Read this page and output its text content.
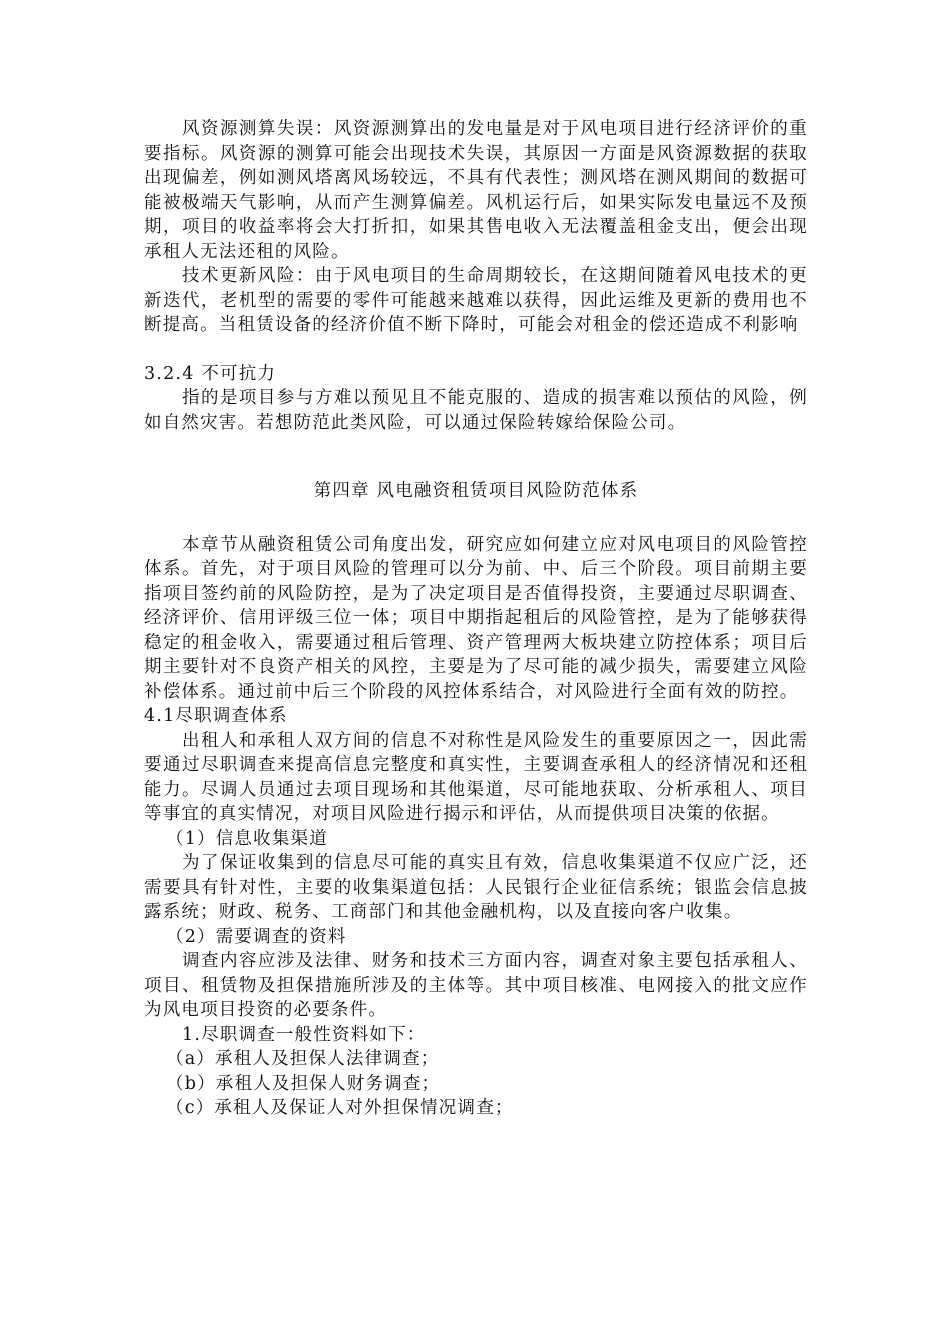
风资源测算失误：风资源测算出的发电量是对于风电项目进行经济评价的重要指标。风资源的测算可能会出现技术失误，其原因一方面是风资源数据的获取出现偏差，例如测风塔离风场较远，不具有代表性；测风塔在测风期间的数据可能被极端天气影响，从而产生测算偏差。风机运行后，如果实际发电量远不及预期，项目的收益率将会大打折扣，如果其售电收入无法覆盖租金支出，便会出现承租人无法还租的风险。

技术更新风险：由于风电项目的生命周期较长，在这期间随着风电技术的更新迭代，老机型的需要的零件可能越来越难以获得，因此运维及更新的费用也不断提高。当租赁设备的经济价值不断下降时，可能会对租金的偿还造成不利影响

3.2.4 不可抗力

指的是项目参与方难以预见且不能克服的、造成的损害难以预估的风险，例如自然灾害。若想防范此类风险，可以通过保险转嫁给保险公司。

第四章 风电融资租赁项目风险防范体系

本章节从融资租赁公司角度出发，研究应如何建立应对风电项目的风险管控体系。首先，对于项目风险的管理可以分为前、中、后三个阶段。项目前期主要指项目签约前的风险防控，是为了决定项目是否值得投资，主要通过尽职调查、经济评价、信用评级三位一体；项目中期指起租后的风险管控，是为了能够获得稳定的租金收入，需要通过租后管理、资产管理两大板块建立防控体系；项目后期主要针对不良资产相关的风控，主要是为了尽可能的减少损失，需要建立风险补偿体系。通过前中后三个阶段的风控体系结合，对风险进行全面有效的防控。

4.1尽职调查体系

出租人和承租人双方间的信息不对称性是风险发生的重要原因之一，因此需要通过尽职调查来提高信息完整度和真实性，主要调查承租人的经济情况和还租能力。尽调人员通过去项目现场和其他渠道，尽可能地获取、分析承租人、项目等事宜的真实情况，对项目风险进行揭示和评估，从而提供项目决策的依据。

（1）信息收集渠道

为了保证收集到的信息尽可能的真实且有效，信息收集渠道不仅应广泛，还需要具有针对性，主要的收集渠道包括：人民银行企业征信系统；银监会信息披露系统；财政、税务、工商部门和其他金融机构，以及直接向客户收集。

（2）需要调查的资料

调查内容应涉及法律、财务和技术三方面内容，调查对象主要包括承租人、项目、租赁物及担保措施所涉及的主体等。其中项目核准、电网接入的批文应作为风电项目投资的必要条件。

1.尽职调查一般性资料如下：

（a）承租人及担保人法律调查；

（b）承租人及担保人财务调查；

（c）承租人及保证人对外担保情况调查；
